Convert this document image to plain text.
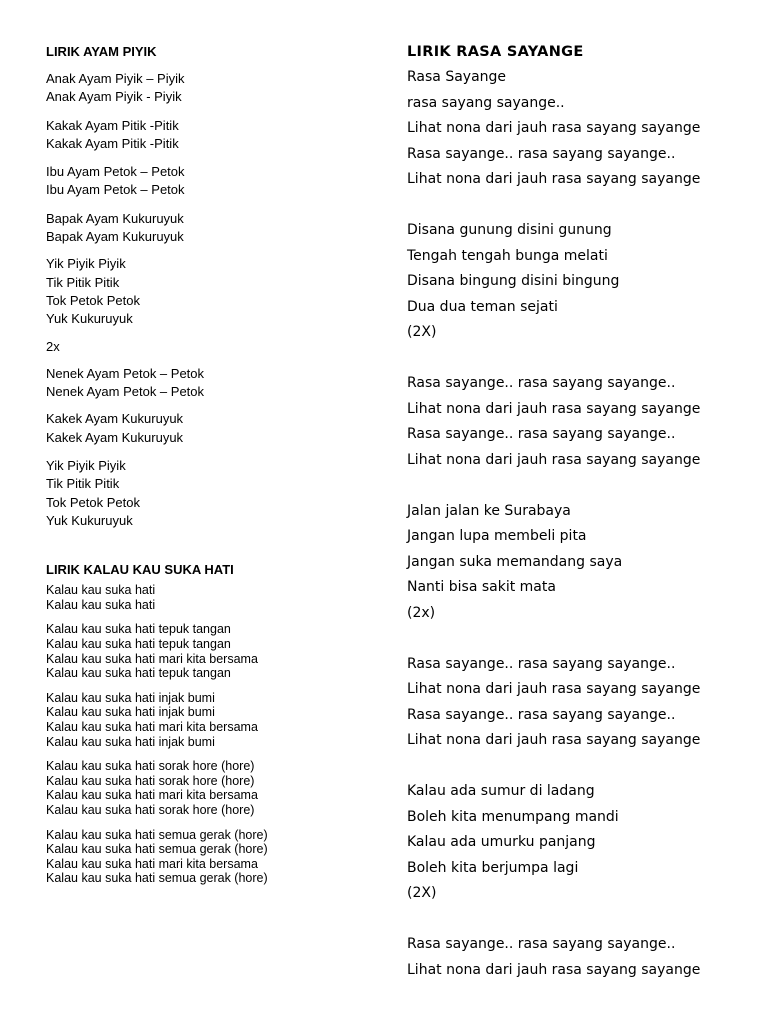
LIRIK AYAM PIYIK
Anak Ayam Piyik – Piyik
Anak Ayam Piyik - Piyik
Kakak Ayam Pitik -Pitik
Kakak Ayam Pitik -Pitik
Ibu Ayam Petok – Petok
Ibu Ayam Petok – Petok
Bapak Ayam Kukuruyuk
Bapak Ayam Kukuruyuk
Yik Piyik Piyik
Tik Pitik Pitik
Tok Petok Petok
Yuk Kukuruyuk
2x
Nenek Ayam Petok – Petok
Nenek Ayam Petok – Petok
Kakek Ayam Kukuruyuk
Kakek Ayam Kukuruyuk
Yik Piyik Piyik
Tik Pitik Pitik
Tok Petok Petok
Yuk Kukuruyuk
LIRIK KALAU KAU SUKA HATI
Kalau kau suka hati
Kalau kau suka hati
Kalau kau suka hati tepuk tangan
Kalau kau suka hati tepuk tangan
Kalau kau suka hati mari kita bersama
Kalau kau suka hati tepuk tangan
Kalau kau suka hati injak bumi
Kalau kau suka hati injak bumi
Kalau kau suka hati mari kita bersama
Kalau kau suka hati injak bumi
Kalau kau suka hati sorak hore (hore)
Kalau kau suka hati sorak hore (hore)
Kalau kau suka hati mari kita bersama
Kalau kau suka hati sorak hore (hore)
Kalau kau suka hati semua gerak (hore)
Kalau kau suka hati semua gerak (hore)
Kalau kau suka hati mari kita bersama
Kalau kau suka hati semua gerak (hore)
LIRIK RASA SAYANGE
Rasa Sayange
rasa sayang sayange..
Lihat nona dari jauh rasa sayang sayange
Rasa sayange.. rasa sayang sayange..
Lihat nona dari jauh rasa sayang sayange
Disana gunung disini gunung
Tengah tengah bunga melati
Disana bingung disini bingung
Dua dua teman sejati
(2X)
Rasa sayange.. rasa sayang sayange..
Lihat nona dari jauh rasa sayang sayange
Rasa sayange.. rasa sayang sayange..
Lihat nona dari jauh rasa sayang sayange
Jalan jalan ke Surabaya
Jangan lupa membeli pita
Jangan suka memandang saya
Nanti bisa sakit mata
(2x)
Rasa sayange.. rasa sayang sayange..
Lihat nona dari jauh rasa sayang sayange
Rasa sayange.. rasa sayang sayange..
Lihat nona dari jauh rasa sayang sayange
Kalau ada sumur di ladang
Boleh kita menumpang mandi
Kalau ada umurku panjang
Boleh kita berjumpa lagi
(2X)
Rasa sayange.. rasa sayang sayange..
Lihat nona dari jauh rasa sayang sayange
